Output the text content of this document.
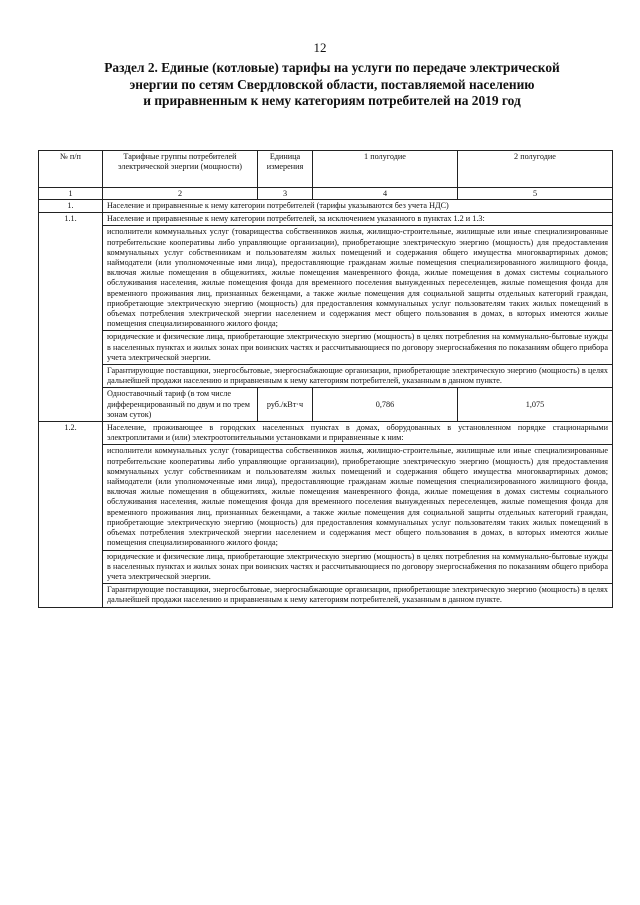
12
Раздел 2. Единые (котловые) тарифы на услуги по передаче электрической
энергии по сетям Свердловской области, поставляемой населению
и приравненным к нему категориям потребителей на 2019 год
№ п/п	Тарифные группы потребителей электрической энергии (мощности)	Единица измерения	1 полугодие	2 полугодие
1	2	3	4	5
1.	Население и приравненные к нему категории потребителей (тарифы указываются без учета НДС)			
1.1.	Население и приравненные к нему категории потребителей, за исключением указанного в пунктах 1.2 и 1.3:			
	исполнители коммунальных услуг (товарищества собственников жилья, жилищно-строительные, жилищные или иные специализированные потребительские кооперативы либо управляющие организации), приобретающие электрическую энергию (мощность) для предоставления коммунальных услуг собственникам и пользователям жилых помещений и содержания общего имущества многоквартирных домов; наймодатели (или уполномоченные ими лица), предоставляющие гражданам жилые помещения специализированного жилищного фонда, включая жилые помещения в общежитиях, жилые помещения маневренного фонда, жилые помещения в домах системы социального обслуживания населения, жилые помещения фонда для временного поселения вынужденных переселенцев, жилые помещения фонда для временного проживания лиц, признанных беженцами, а также жилые помещения для социальной защиты отдельных категорий граждан, приобретающие электрическую энергию (мощность) для предоставления коммунальных услуг пользователям таких жилых помещений в объемах потребления электрической энергии населением и содержания мест общего пользования в домах, в которых имеются жилые помещения специализированного жилого фонда;			
	юридические и физические лица, приобретающие электрическую энергию (мощность) в целях потребления на коммунально-бытовые нужды в населенных пунктах и жилых зонах при воинских частях и рассчитывающиеся по договору энергоснабжения по показаниям общего прибора учета электрической энергии.			
	Гарантирующие поставщики, энергосбытовые, энергоснабжающие организации, приобретающие электрическую энергию (мощность) в целях дальнейшей продажи населению и приравненным к нему категориям потребителей, указанным в данном пункте.			
	Одноставочный тариф (в том числе дифференцированный по двум и по трем зонам суток)	руб./кВт·ч	0,786	1,075
1.2.	Население, проживающее в городских населенных пунктах в домах, оборудованных в установленном порядке стационарными электроплитами и (или) электроотопительными установками и приравненные к ним:			
	исполнители коммунальных услуг (товарищества собственников жилья, жилищно-строительные, жилищные или иные специализированные потребительские кооперативы либо управляющие организации), приобретающие электрическую энергию (мощность) для предоставления коммунальных услуг собственникам и пользователям жилых помещений и содержания общего имущества многоквартирных домов; наймодатели (или уполномоченные ими лица), предоставляющие гражданам жилые помещения специализированного жилищного фонда, включая жилые помещения в общежитиях, жилые помещения маневренного фонда, жилые помещения в домах системы социального обслуживания населения, жилые помещения фонда для временного поселения вынужденных переселенцев, жилые помещения фонда для временного проживания лиц, признанных беженцами, а также жилые помещения для социальной защиты отдельных категорий граждан, приобретающие электрическую энергию (мощность) для предоставления коммунальных услуг пользователям таких жилых помещений в объемах потребления электрической энергии населением и содержания мест общего пользования в домах, в которых имеются жилые помещения специализированного жилого фонда;			
	юридические и физические лица, приобретающие электрическую энергию (мощность) в целях потребления на коммунально-бытовые нужды в населенных пунктах и жилых зонах при воинских частях и рассчитывающиеся по договору энергоснабжения по показаниям общего прибора учета электрической энергии.			
	Гарантирующие поставщики, энергосбытовые, энергоснабжающие организации, приобретающие электрическую энергию (мощность) в целях дальнейшей продажи населению и приравненным к нему категориям потребителей, указанным в данном пункте.			
